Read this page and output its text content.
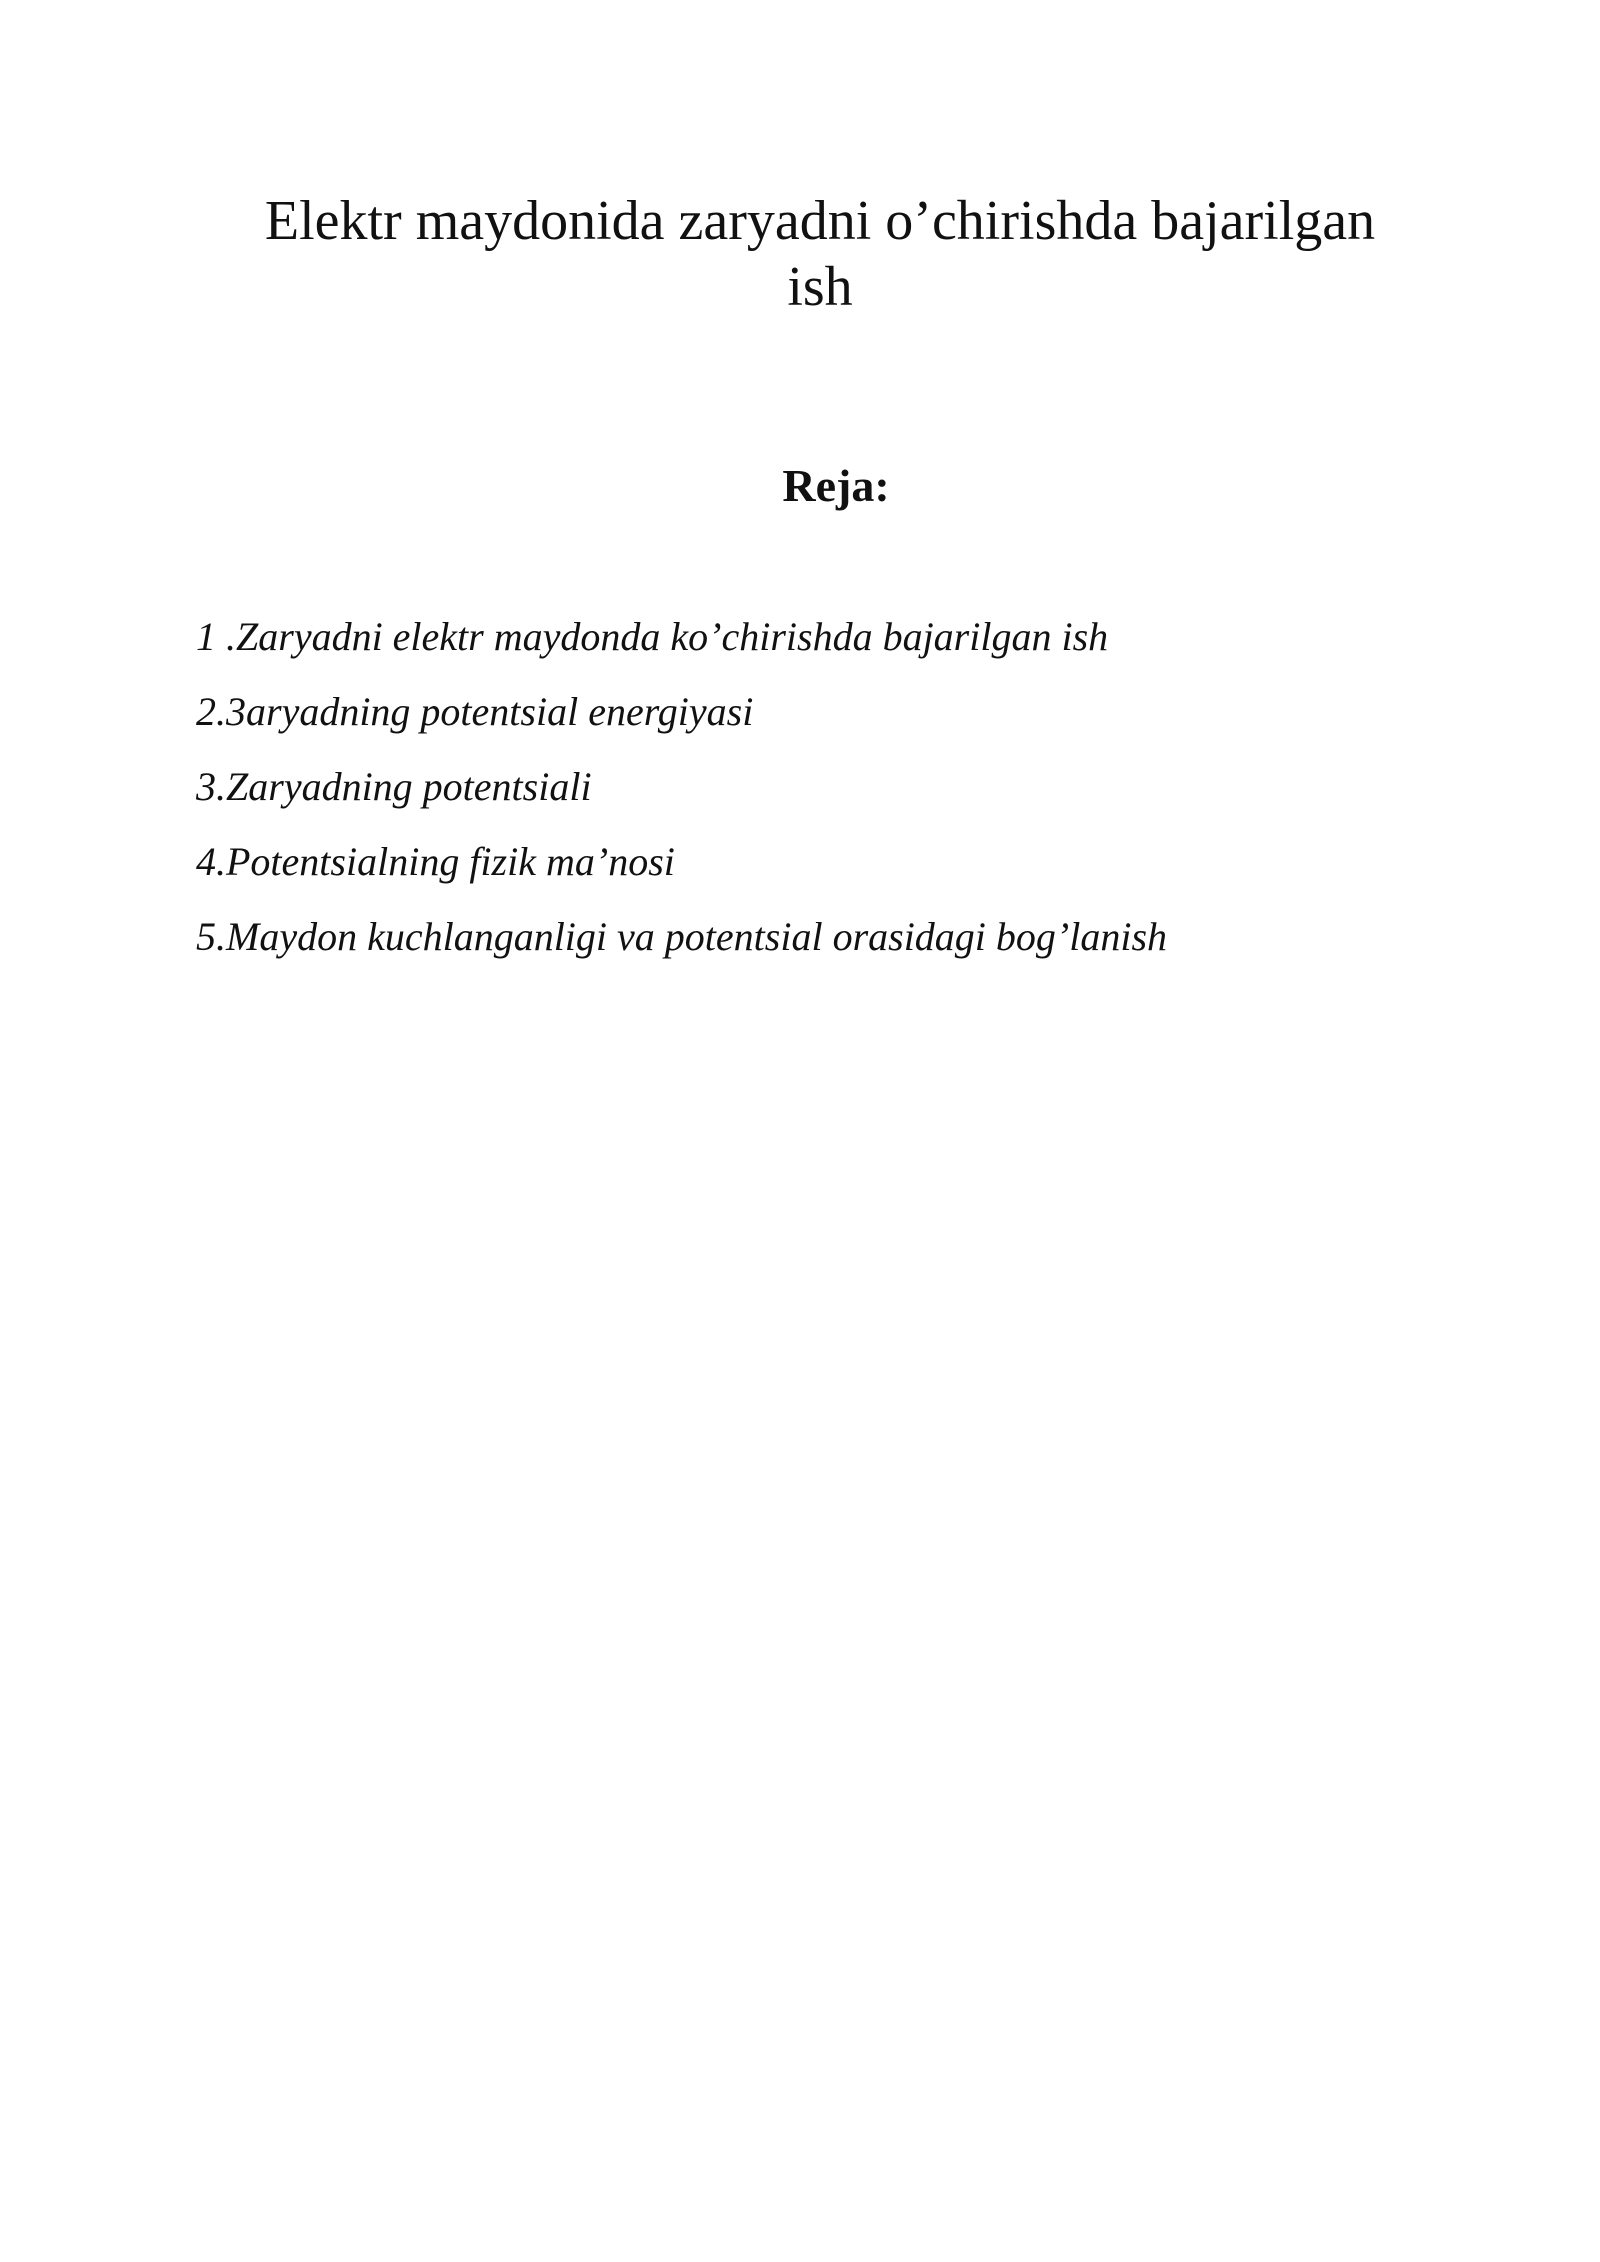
Elektr maydonida zaryadni o’chirishda bajarilgan
ish
Reja:
1 .Zaryadni elektr maydonda ko’chirishda bajarilgan ish
2.3aryadning potentsial energiyasi
3.Zaryadning potentsiali
4.Potentsialning fizik ma’nosi
5.Maydon kuchlanganligi va potentsial orasidagi bog’lanish
